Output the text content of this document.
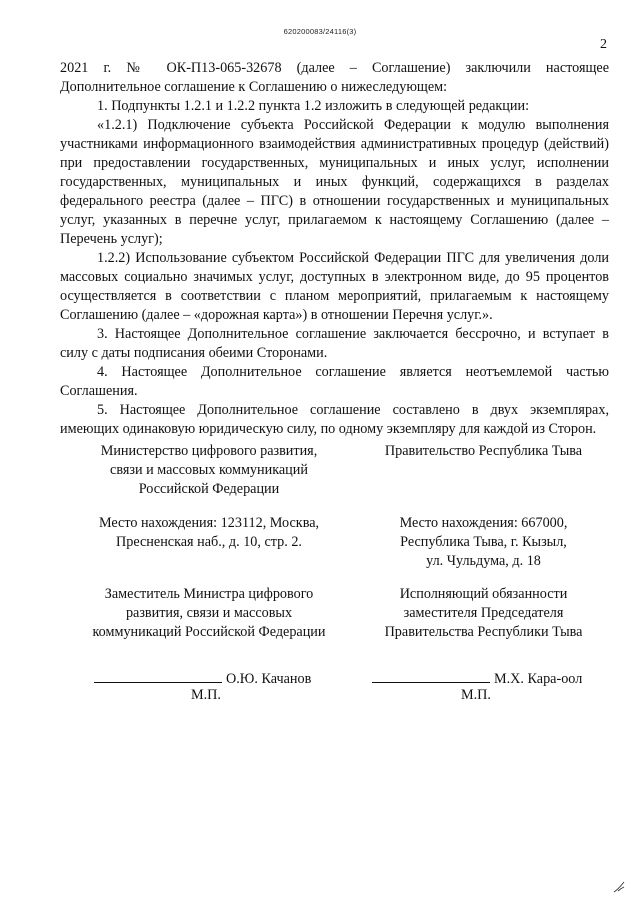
620200083/24116(3)
2

2021 г. № ОК-П13-065-32678 (далее – Соглашение) заключили настоящее Дополнительное соглашение к Соглашению о нижеследующем:

1. Подпункты 1.2.1 и 1.2.2 пункта 1.2 изложить в следующей редакции:

«1.2.1) Подключение субъекта Российской Федерации к модулю выполнения участниками информационного взаимодействия административных процедур (действий) при предоставлении государственных, муниципальных и иных услуг, исполнении государственных, муниципальных и иных функций, содержащихся в разделах федерального реестра (далее – ПГС) в отношении государственных и муниципальных услуг, указанных в перечне услуг, прилагаемом к настоящему Соглашению (далее – Перечень услуг);

1.2.2) Использование субъектом Российской Федерации ПГС для увеличения доли массовых социально значимых услуг, доступных в электронном виде, до 95 процентов осуществляется в соответствии с планом мероприятий, прилагаемым к настоящему Соглашению (далее – «дорожная карта») в отношении Перечня услуг.».

3. Настоящее Дополнительное соглашение заключается бессрочно, и вступает в силу с даты подписания обеими Сторонами.

4. Настоящее Дополнительное соглашение является неотъемлемой частью Соглашения.

5. Настоящее Дополнительное соглашение составлено в двух экземплярах, имеющих одинаковую юридическую силу, по одному экземпляру для каждой из Сторон.

Министерство цифрового развития,
связи и массовых коммуникаций
Российской Федерации
Место нахождения: 123112, Москва,
Пресненская наб., д. 10, стр. 2.
Заместитель Министра цифрового
развития, связи и массовых
коммуникаций Российской Федерации
Правительство Республика Тыва
Место нахождения: 667000,
Республика Тыва, г. Кызыл,
ул. Чульдума, д. 18
Исполняющий обязанности
заместителя Председателя
Правительства Республики Тыва
О.Ю. Качанов
М.П.
М.Х. Кара-оол
М.П.
